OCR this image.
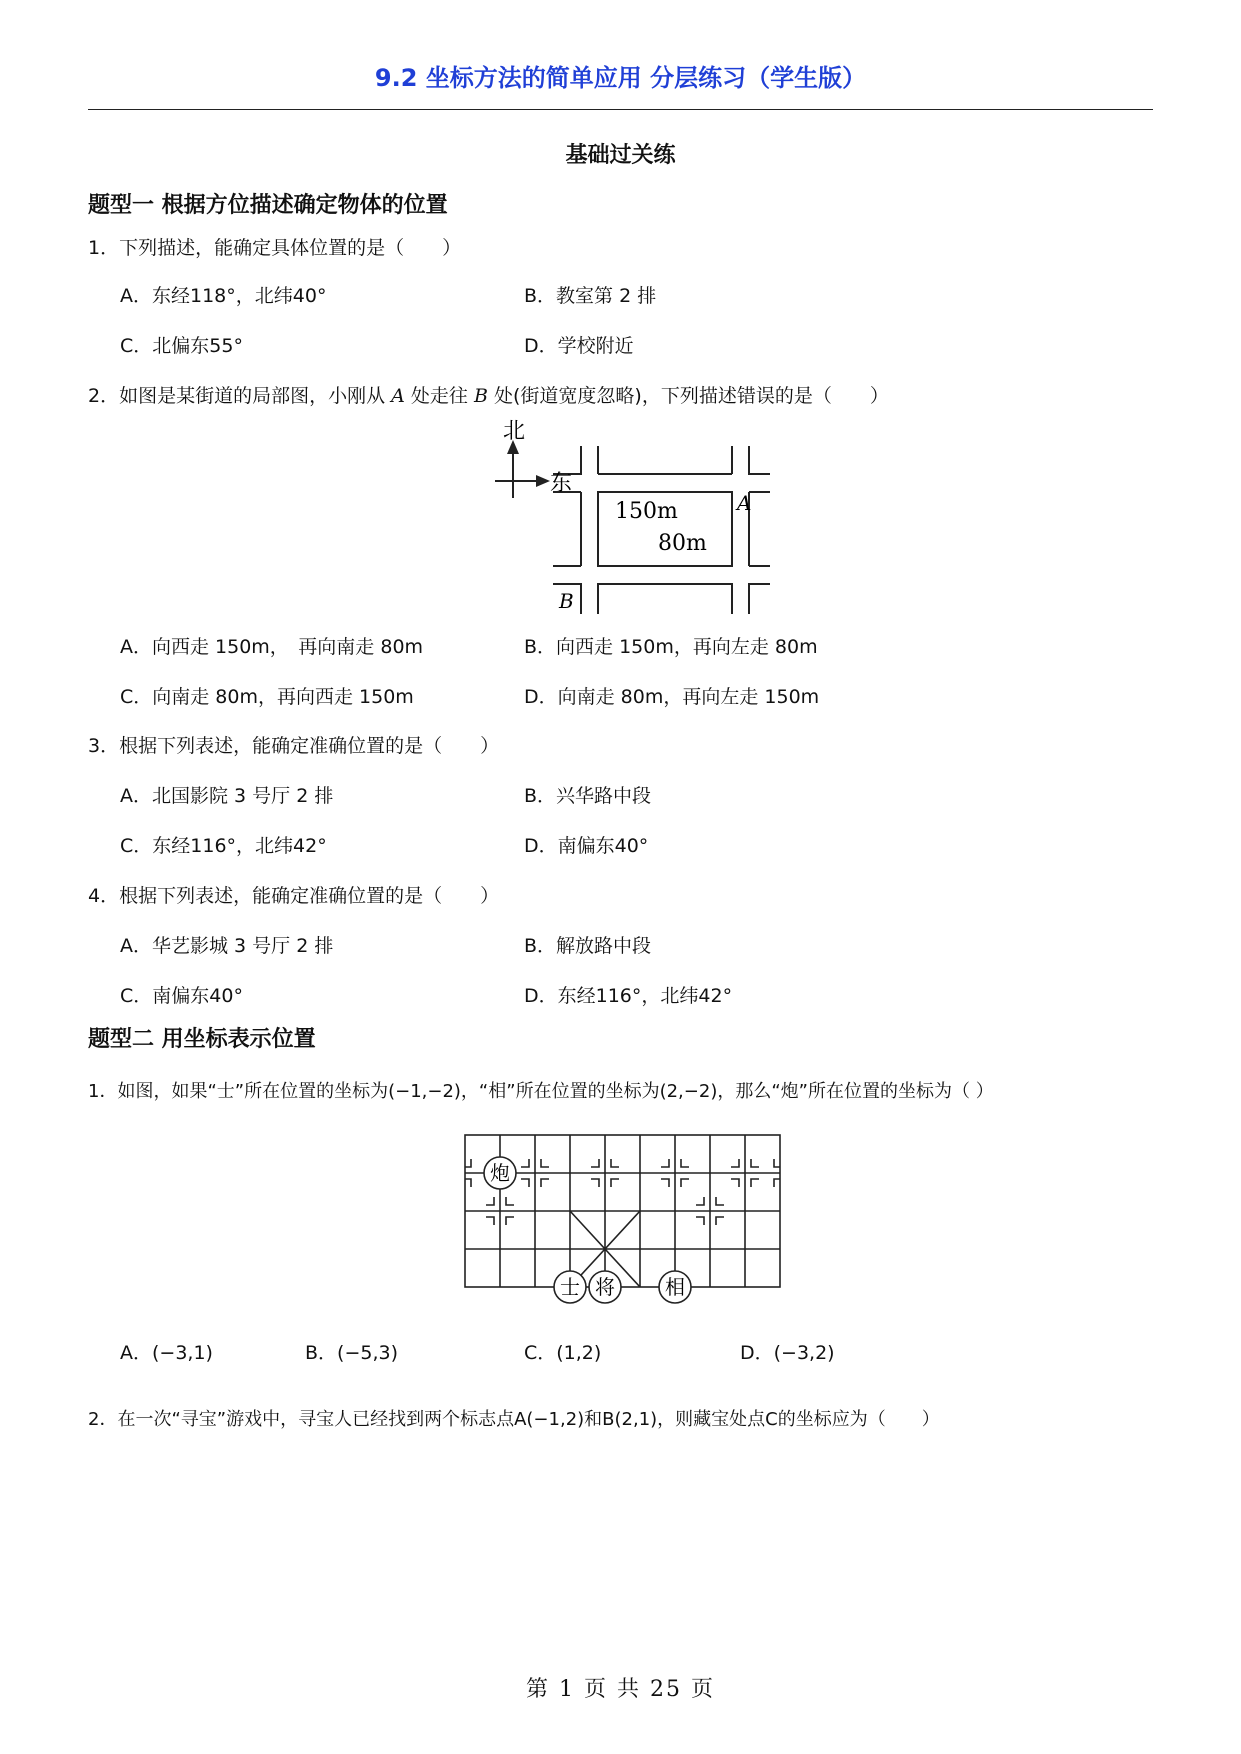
9.2 坐标方法的简单应用 分层练习（学生版）
基础过关练
题型一 根据方位描述确定物体的位置
1．下列描述，能确定具体位置的是（　　）
A．东经118°，北纬40°	B．教室第 2 排
C．北偏东55°	D．学校附近
2．如图是某街道的局部图，小刚从 A 处走往 B 处(街道宽度忽略)，下列描述错误的是（　　）
北
东
150m
80m
A
B
A．向西走 150m，　再向南走 80m	B．向西走 150m，再向左走 80m
C．向南走 80m，再向西走 150m	D．向南走 80m，再向左走 150m
3．根据下列表述，能确定准确位置的是（　　）
A．北国影院 3 号厅 2 排	B．兴华路中段
C．东经116°，北纬42°	D．南偏东40°
4．根据下列表述，能确定准确位置的是（　　）
A．华艺影城 3 号厅 2 排	B．解放路中段
C．南偏东40°	D．东经116°，北纬42°
题型二 用坐标表示位置
1．如图，如果“士”所在位置的坐标为(−1,−2)，“相”所在位置的坐标为(2,−2)，那么“炮”所在位置的坐标为（ ）
炮
士 将	相
A．(−3,1)	B．(−5,3)	C．(1,2)	D．(−3,2)
2．在一次“寻宝”游戏中，寻宝人已经找到两个标志点A(−1,2)和B(2,1)，则藏宝处点C的坐标应为（　　）
第 1 页 共 25 页
